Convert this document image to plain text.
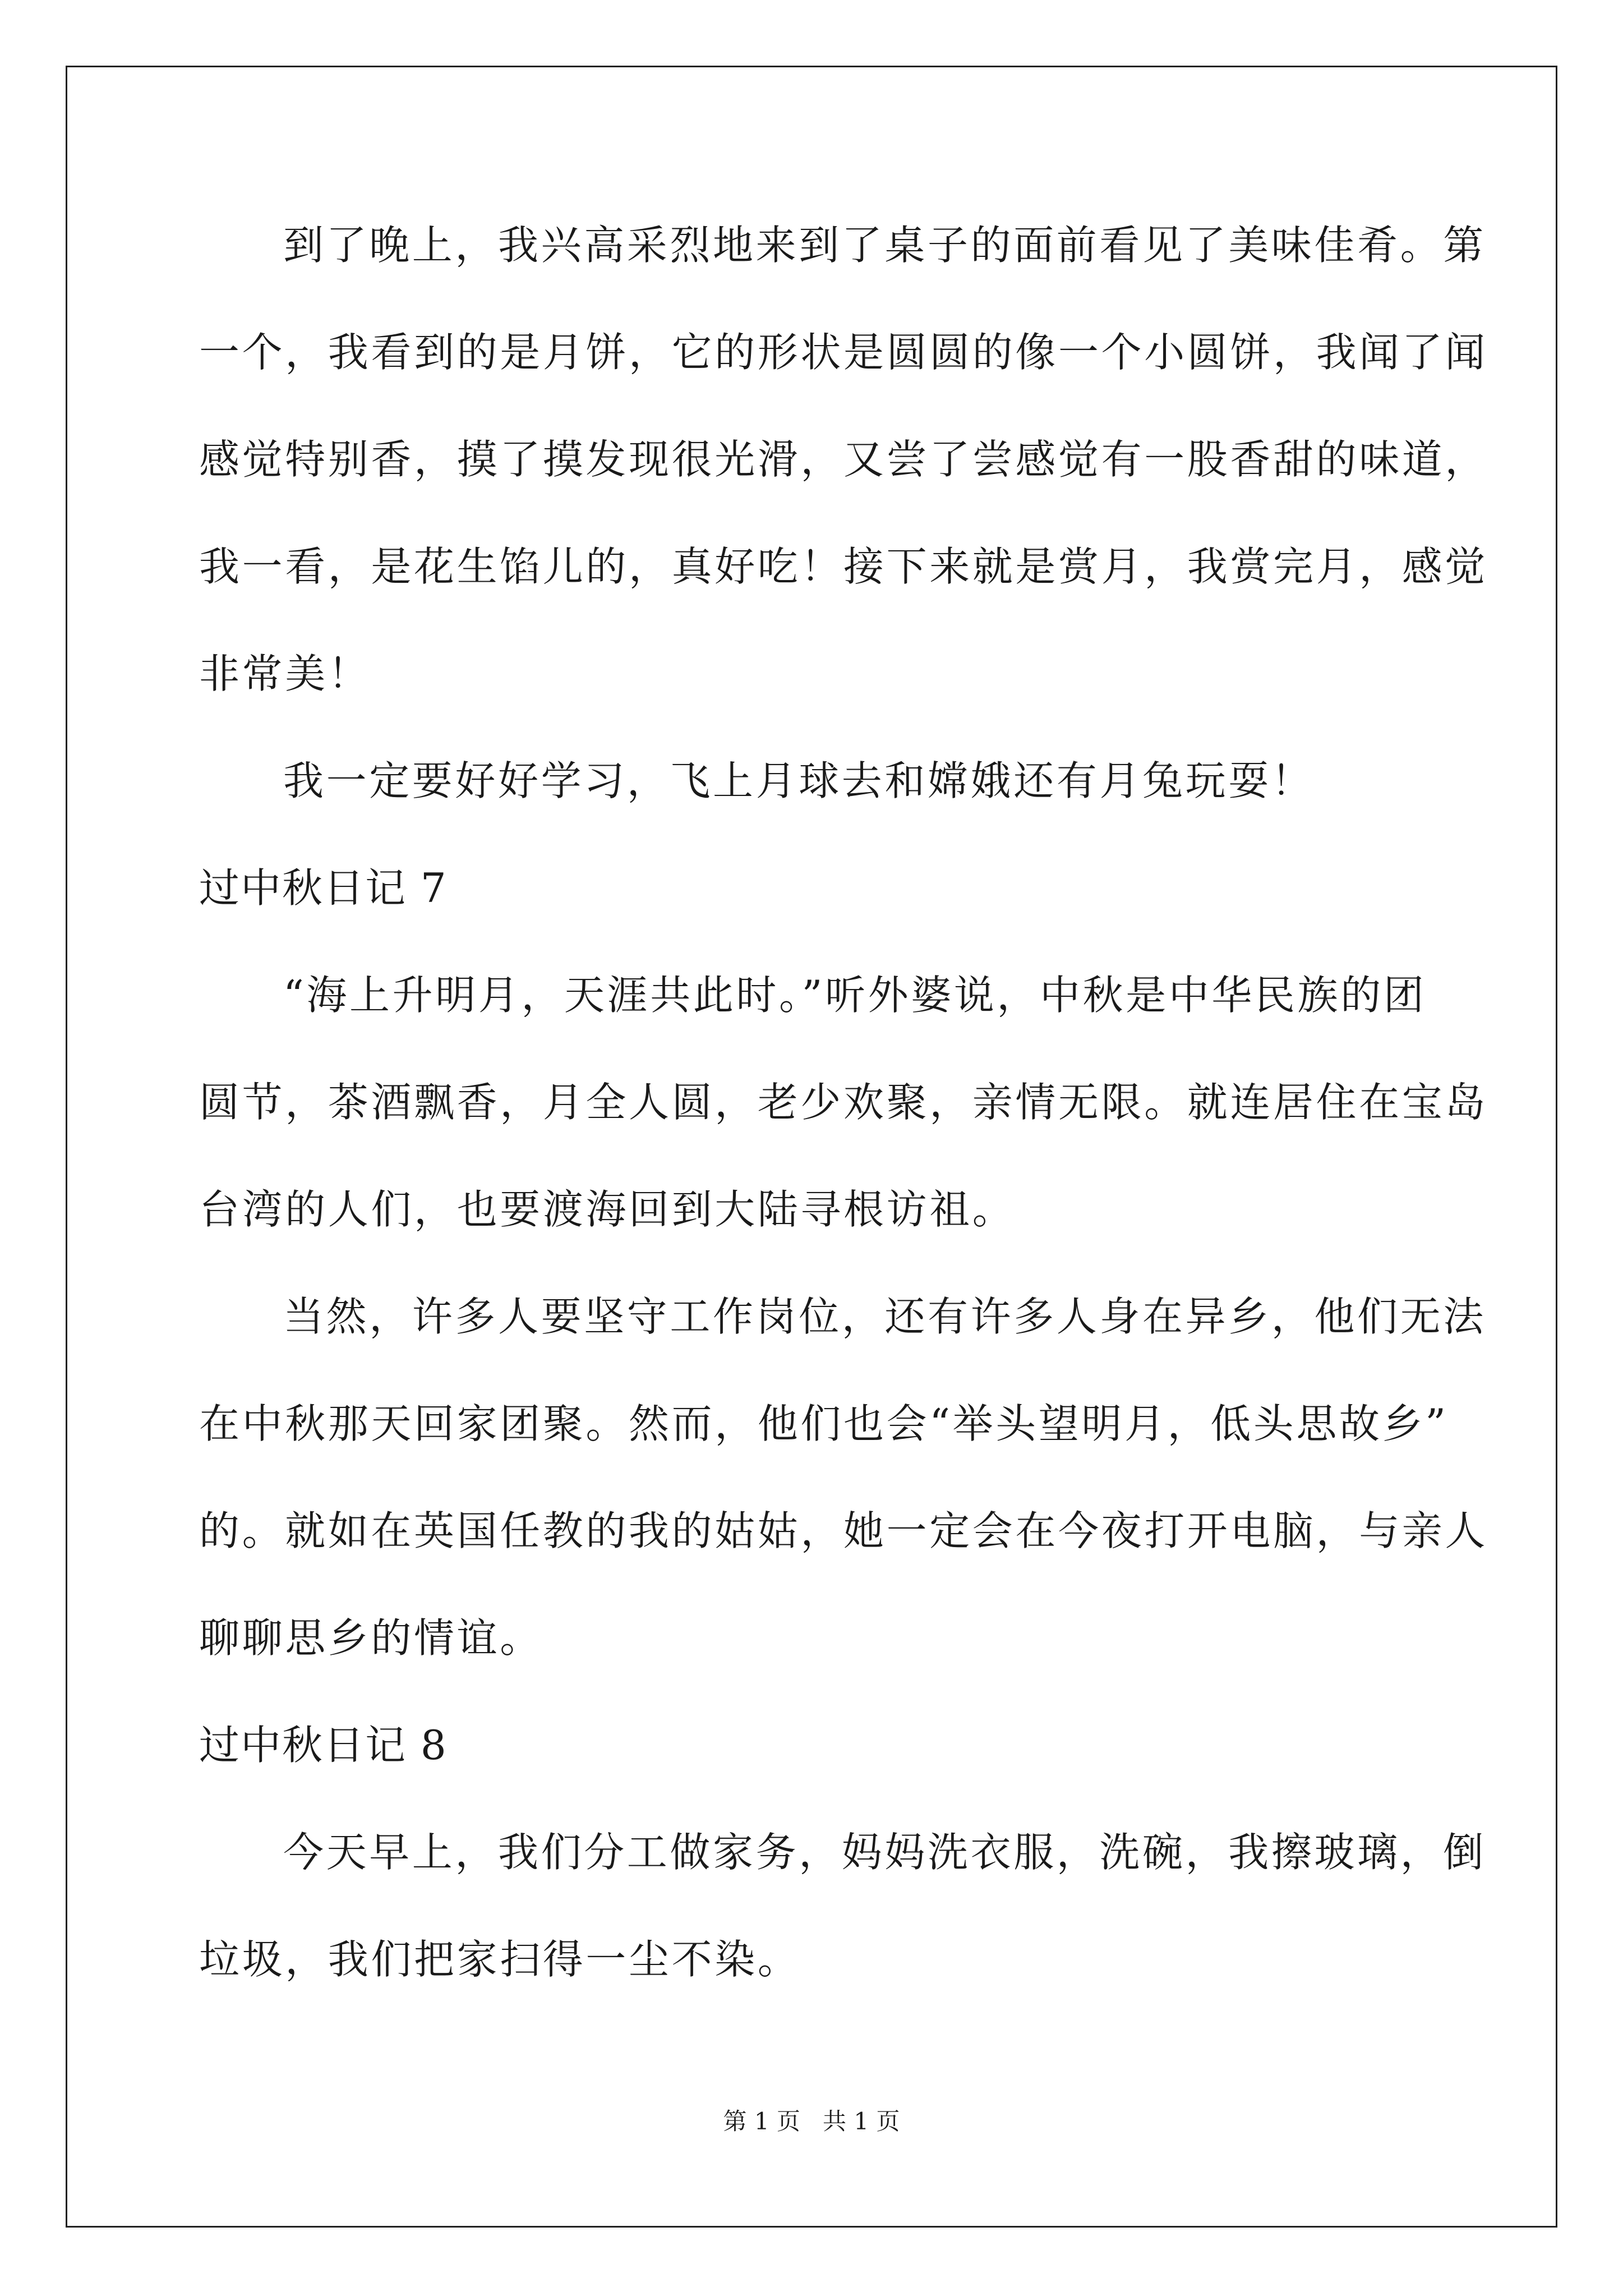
到了晚上，我兴高采烈地来到了桌子的面前看见了美味佳肴。第
一个，我看到的是月饼，它的形状是圆圆的像一个小圆饼，我闻了闻
感觉特别香，摸了摸发现很光滑，又尝了尝感觉有一股香甜的味道，
我一看，是花生馅儿的，真好吃！接下来就是赏月，我赏完月，感觉
非常美！
我一定要好好学习，飞上月球去和嫦娥还有月兔玩耍！
过中秋日记 7
“海上升明月，天涯共此时。”听外婆说，中秋是中华民族的团
圆节，茶酒飘香，月全人圆，老少欢聚，亲情无限。就连居住在宝岛
台湾的人们，也要渡海回到大陆寻根访祖。
当然，许多人要坚守工作岗位，还有许多人身在异乡，他们无法
在中秋那天回家团聚。然而，他们也会“举头望明月，低头思故乡”
的。就如在英国任教的我的姑姑，她一定会在今夜打开电脑，与亲人
聊聊思乡的情谊。
过中秋日记 8
今天早上，我们分工做家务，妈妈洗衣服，洗碗，我擦玻璃，倒
垃圾，我们把家扫得一尘不染。
第 1 页   共 1 页
